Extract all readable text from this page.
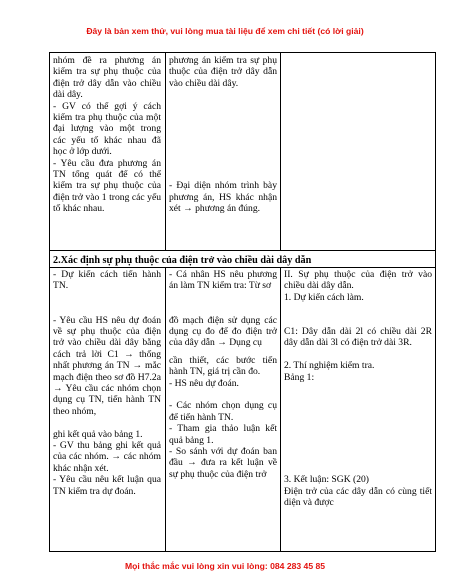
Đây là bản xem thử, vui lòng mua tài liệu để xem chi tiết (có lời giải)

nhóm đề ra phương án kiểm tra sự phụ thuộc của điện trở dây dẫn vào chiều dài dây.

- GV có thể gợi ý cách kiểm tra phụ thuộc của một đại lượng vào một trong các yếu tố khác nhau đã học ở lớp dưới.

- Yêu cầu đưa phương án TN tổng quát để có thể kiểm tra sự phụ thuộc của điện trở vào 1 trong các yếu tố khác nhau.

phương án kiểm tra sự phụ thuộc của điện trở dây dẫn vào chiều dài dây.

- Đại diện nhóm trình bày phương án, HS khác nhận xét → phương án đúng.

2.Xác định sự phụ thuộc của điện trở vào chiều dài dây dẫn

- Dự kiến cách tiến hành TN.

- Yêu cầu HS nêu dự đoán về sự phụ thuộc của điện trở vào chiều dài dây bằng cách trả lời C1 → thống nhất phương án TN → mắc mạch điện theo sơ đồ H7.2a → Yêu cầu các nhóm chọn dụng cụ TN, tiến hành TN theo nhóm,

ghi kết quả vào bảng 1.

- GV thu bảng ghi kết quả của các nhóm. → các nhóm khác nhận xét.

- Yêu cầu nêu kết luận qua TN kiểm tra dự đoán.

- Cá nhân HS nêu phương án làm TN kiểm tra: Từ sơ

đồ mạch điện sử dụng các dụng cụ đo để đo điện trở của dây dẫn → Dụng cụ

cần thiết, các bước tiến hành TN, giá trị cần đo.

- HS nêu dự đoán.

- Các nhóm chọn dụng cụ để tiến hành TN.

- Tham gia thảo luận kết quả bảng 1.

- So sánh với dự đoán ban đầu → đưa ra kết luận về sự phụ thuộc của điện trở

II. Sự phụ thuộc của điện trở vào chiều dài dây dẫn.

1. Dự kiến cách làm.

C1: Dây dẫn dài 2l có chiều dài 2R dây dẫn dài 3l có điện trở dài 3R.

2. Thí nghiệm kiểm tra.

Bảng 1:

3. Kết luận: SGK (20)

Điện trở của các dây dẫn có cùng tiết diện và được

Mọi thắc mắc vui lòng xin vui lòng: 084 283 45 85
